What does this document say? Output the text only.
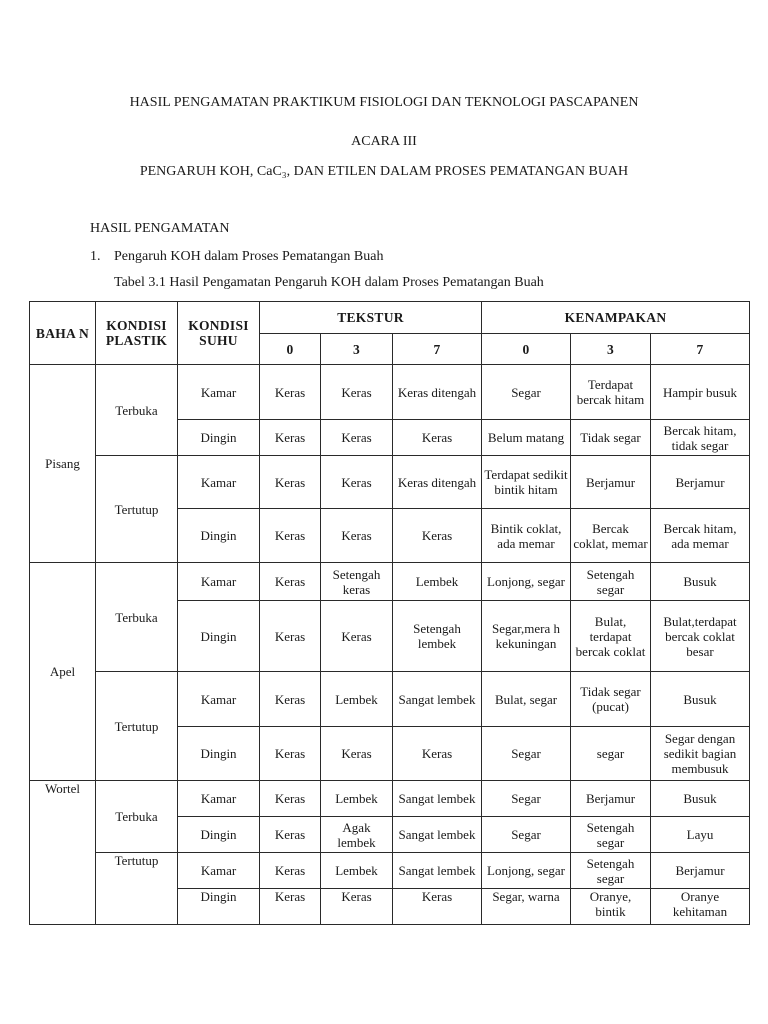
HASIL PENGAMATAN PRAKTIKUM FISIOLOGI DAN TEKNOLOGI PASCAPANEN
ACARA III
PENGARUH KOH, CaC₃, DAN ETILEN DALAM PROSES PEMATANGAN BUAH
HASIL PENGAMATAN
1. Pengaruh KOH dalam Proses Pematangan Buah
Tabel 3.1 Hasil Pengamatan Pengaruh KOH dalam Proses Pematangan Buah
BAHA N	KONDISI PLASTIK	KONDISI SUHU	TEKSTUR			KENAMPAKAN		
			0	3	7	0	3	7
Pisang	Terbuka	Kamar	Keras	Keras	Keras ditengah	Segar	Terdapat bercak hitam	Hampir busuk
		Dingin	Keras	Keras	Keras	Belum matang	Tidak segar	Bercak hitam, tidak segar
	Tertutup	Kamar	Keras	Keras	Keras ditengah	Terdapat sedikit bintik hitam	Berjamur	Berjamur
		Dingin	Keras	Keras	Keras	Bintik coklat, ada memar	Bercak coklat, memar	Bercak hitam, ada memar
Apel	Terbuka	Kamar	Keras	Setengah keras	Lembek	Lonjong, segar	Setengah segar	Busuk
		Dingin	Keras	Keras	Setengah lembek	Segar,mera h kekuningan	Bulat, terdapat bercak coklat	Bulat,terdapat bercak coklat besar
	Tertutup	Kamar	Keras	Lembek	Sangat lembek	Bulat, segar	Tidak segar (pucat)	Busuk
		Dingin	Keras	Keras	Keras	Segar	segar	Segar dengan sedikit bagian membusuk
Wortel	Terbuka	Kamar	Keras	Lembek	Sangat lembek	Segar	Berjamur	Busuk
		Dingin	Keras	Agak lembek	Sangat lembek	Segar	Setengah segar	Layu
	Tertutup	Kamar	Keras	Lembek	Sangat lembek	Lonjong, segar	Setengah segar	Berjamur
		Dingin	Keras	Keras	Keras	Segar, warna	Oranye, bintik	Oranye kehitaman
